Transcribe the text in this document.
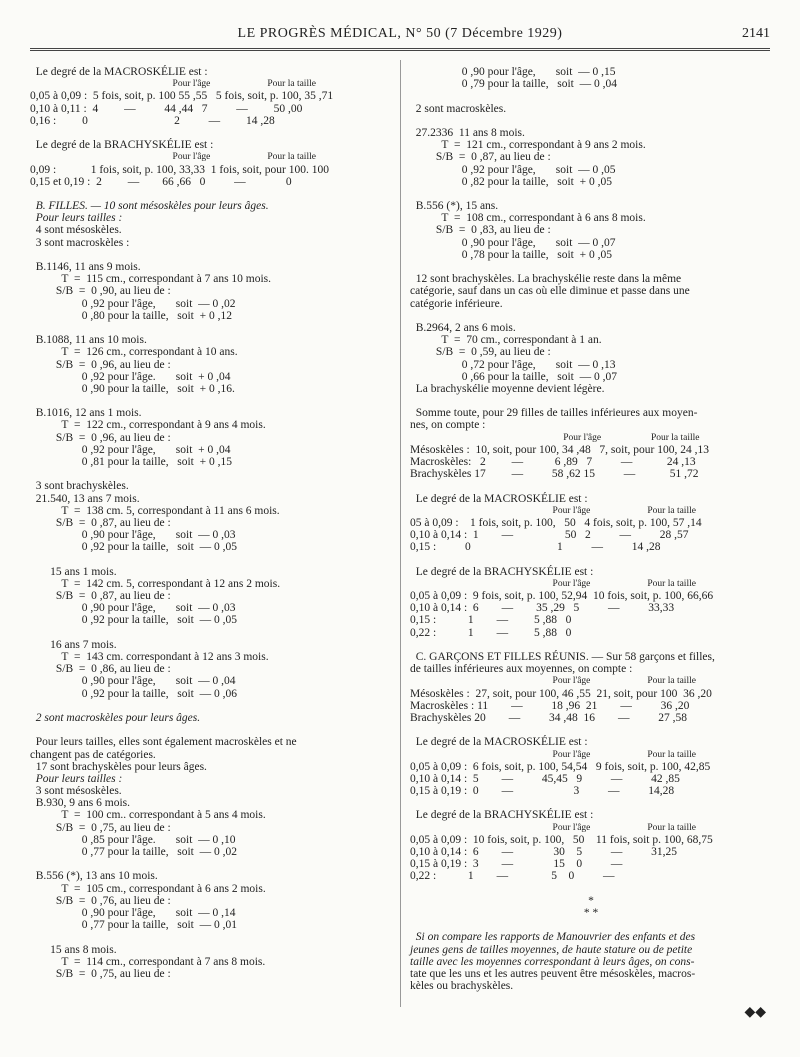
LE PROGRÈS MÉDICAL, N° 50 (7 Décembre 1929)	2141
Le degré de la MACROSKÉLIE est :
Pour l'âge                        Pour la taille
0,05 à 0,09 :  5 fois, soit, p. 100 55 ,55   5 fois, soit, p. 100, 35 ,71
0,10 à 0,11 :  4         —          44 ,44   7          —         50 ,00
0,16 :         0                              2          —         14 ,28
Le degré de la BRACHYSKÉLIE est :
Pour l'âge                        Pour la taille
0,09 :            1 fois, soit, p. 100, 33,33  1 fois, soit, pour 100. 100
0,15 et 0,19 :  2         —        66 ,66   0          —              0
B. FILLES. — 10 sont mésoskèles pour leurs âges.
Pour leurs tailles :
4 sont mésoskèles.
3 sont macroskèles :
B.1146, 11 ans 9 mois.
T  =  115 cm., correspondant à 7 ans 10 mois.
S/B  =  0 ,90, au lieu de :
0 ,92 pour l'âge,       soit  — 0 ,02
0 ,80 pour la taille,   soit  + 0 ,12
B.1088, 11 ans 10 mois.
T  =  126 cm., correspondant à 10 ans.
S/B  =  0 ,96, au lieu de :
0 ,92 pour l'âge.       soit  + 0 ,04
0 ,90 pour la taille,   soit  + 0 ,16.
B.1016, 12 ans 1 mois.
T  =  122 cm., correspondant à 9 ans 4 mois.
S/B  =  0 ,96, au lieu de :
0 ,92 pour l'âge,       soit  + 0 ,04
0 ,81 pour la taille,   soit  + 0 ,15
3 sont brachyskèles.
21.540, 13 ans 7 mois.
T  =  138 cm. 5, correspondant à 11 ans 6 mois.
S/B  =  0 ,87, au lieu de :
0 ,90 pour l'âge,       soit  — 0 ,03
0 ,92 pour la taille,   soit  — 0 ,05
15 ans 1 mois.
T  =  142 cm. 5, correspondant à 12 ans 2 mois.
S/B  =  0 ,87, au lieu de :
0 ,90 pour l'âge,       soit  — 0 ,03
0 ,92 pour la taille,   soit  — 0 ,05
16 ans 7 mois.
T  =  143 cm. correspondant à 12 ans 3 mois.
S/B  =  0 ,86, au lieu de :
0 ,90 pour l'âge,       soit  — 0 ,04
0 ,92 pour la taille,   soit  — 0 ,06
2 sont macroskèles pour leurs âges.
Pour leurs tailles, elles sont également macroskèles et ne
changent pas de catégories.
17 sont brachyskèles pour leurs âges.
Pour leurs tailles :
3 sont mésoskèles.
B.930, 9 ans 6 mois.
T  =  100 cm.. correspondant à 5 ans 4 mois.
S/B  =  0 ,75, au lieu de :
0 ,85 pour l'âge.       soit  — 0 ,10
0 ,77 pour la taille,   soit  — 0 ,02
B.556 (*), 13 ans 10 mois.
T  =  105 cm., correspondant à 6 ans 2 mois.
S/B  =  0 ,76, au lieu de :
0 ,90 pour l'âge,       soit  — 0 ,14
0 ,77 pour la taille,   soit  — 0 ,01
15 ans 8 mois.
T  =  114 cm., correspondant à 7 ans 8 mois.
S/B  =  0 ,75, au lieu de :
0 ,90 pour l'âge,       soit  — 0 ,15
0 ,79 pour la taille,   soit  — 0 ,04
2 sont macroskèles.
27.2336  11 ans 8 mois.
T  =  121 cm., correspondant à 9 ans 2 mois.
S/B  =  0 ,87, au lieu de :
0 ,92 pour l'âge,       soit  — 0 ,05
0 ,82 pour la taille,   soit  + 0 ,05
B.556 (*), 15 ans.
T  =  108 cm., correspondant à 6 ans 8 mois.
S/B  =  0 ,83, au lieu de :
0 ,90 pour l'âge,       soit  — 0 ,07
0 ,78 pour la taille,   soit  + 0 ,05
12 sont brachyskèles. La brachyskélie reste dans la même
catégorie, sauf dans un cas où elle diminue et passe dans une
catégorie inférieure.
B.2964, 2 ans 6 mois.
T  =  70 cm., correspondant à 1 an.
S/B  =  0 ,59, au lieu de :
0 ,72 pour l'âge,       soit  — 0 ,13
0 ,66 pour la taille,   soit  — 0 ,07
La brachyskélie moyenne devient légère.
Somme toute, pour 29 filles de tailles inférieures aux moyen-
nes, on compte :
Pour l'âge                     Pour la taille
Mésoskèles :  10, soit, pour 100, 34 ,48   7, soit, pour 100, 24 ,13
Macroskèles:   2         —           6 ,89   7          —            24 ,13
Brachyskèles 17         —          58 ,62 15          —            51 ,72
Le degré de la MACROSKÉLIE est :
Pour l'âge                        Pour la taille
05 à 0,09 :    1 fois, soit, p. 100,   50   4 fois, soit, p. 100, 57 ,14
0,10 à 0,14 :  1        —                  50   2          —          28 ,57
0,15 :          0                              1          —          14 ,28
Le degré de la BRACHYSKÉLIE est :
Pour l'âge                        Pour la taille
0,05 à 0,09 :  9 fois, soit, p. 100, 52,94  10 fois, soit, p. 100, 66,66
0,10 à 0,14 :  6        —        35 ,29   5          —          33,33
0,15 :           1        —         5 ,88   0
0,22 :           1        —         5 ,88   0
C. GARÇONS ET FILLES RÉUNIS. — Sur 58 garçons et filles,
de tailles inférieures aux moyennes, on compte :
Pour l'âge                        Pour la taille
Mésoskèles :  27, soit, pour 100, 46 ,55  21, soit, pour 100  36 ,20
Macroskèles : 11        —          18 ,96  21        —          36 ,20
Brachyskèles 20        —          34 ,48  16        —          27 ,58
Le degré de la MACROSKÉLIE est :
Pour l'âge                        Pour la taille
0,05 à 0,09 :  6 fois, soit, p. 100, 54,54   9 fois, soit, p. 100, 42,85
0,10 à 0,14 :  5        —          45,45   9          —          42 ,85
0,15 à 0,19 :  0        —                     3          —          14,28
Le degré de la BRACHYSKÉLIE est :
Pour l'âge                        Pour la taille
0,05 à 0,09 :  10 fois, soit, p. 100,   50    11 fois, soit p. 100, 68,75
0,10 à 0,14 :  6        —              30    5          —          31,25
0,15 à 0,19 :  3        —              15    0          —
0,22 :           1        —               5    0          —
*
* *
Si on compare les rapports de Manouvrier des enfants et des
jeunes gens de tailles moyennes, de haute stature ou de petite
taille avec les moyennes correspondant à leurs âges, on cons-
tate que les uns et les autres peuvent être mésoskèles, macros-
kèles ou brachyskèles.
◆◆
